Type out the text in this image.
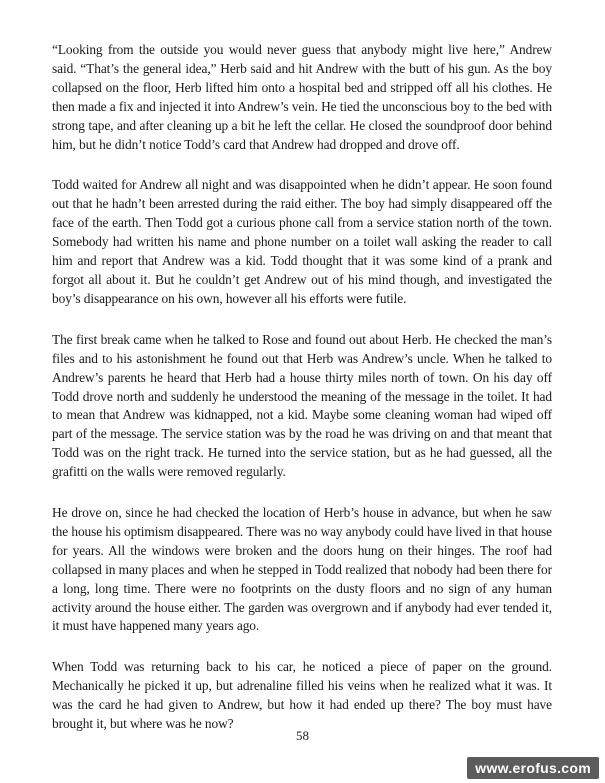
“Looking from the outside you would never guess that anybody might live here,” Andrew said. “That’s the general idea,” Herb said and hit Andrew with the butt of his gun. As the boy collapsed on the floor, Herb lifted him onto a hospital bed and stripped off all his clothes. He then made a fix and injected it into Andrew’s vein. He tied the unconscious boy to the bed with strong tape, and after cleaning up a bit he left the cellar. He closed the soundproof door behind him, but he didn’t notice Todd’s card that Andrew had dropped and drove off.

Todd waited for Andrew all night and was disappointed when he didn’t appear. He soon found out that he hadn’t been arrested during the raid either. The boy had simply disappeared off the face of the earth. Then Todd got a curious phone call from a service station north of the town. Somebody had written his name and phone number on a toilet wall asking the reader to call him and report that Andrew was a kid. Todd thought that it was some kind of a prank and forgot all about it. But he couldn’t get Andrew out of his mind though, and investigated the boy’s disappearance on his own, however all his efforts were futile.

The first break came when he talked to Rose and found out about Herb. He checked the man’s files and to his astonishment he found out that Herb was Andrew’s uncle. When he talked to Andrew’s parents he heard that Herb had a house thirty miles north of town. On his day off Todd drove north and suddenly he understood the meaning of the message in the toilet. It had to mean that Andrew was kidnapped, not a kid. Maybe some cleaning woman had wiped off part of the message. The service station was by the road he was driving on and that meant that Todd was on the right track. He turned into the service station, but as he had guessed, all the grafitti on the walls were removed regularly.

He drove on, since he had checked the location of Herb’s house in advance, but when he saw the house his optimism disappeared. There was no way anybody could have lived in that house for years. All the windows were broken and the doors hung on their hinges. The roof had collapsed in many places and when he stepped in Todd realized that nobody had been there for a long, long time. There were no footprints on the dusty floors and no sign of any human activity around the house either. The garden was overgrown and if anybody had ever tended it, it must have happened many years ago.

When Todd was returning back to his car, he noticed a piece of paper on the ground. Mechanically he picked it up, but adrenaline filled his veins when he realized what it was. It was the card he had given to Andrew, but how it had ended up there? The boy must have brought it, but where was he now?

58
www.erofus.com
